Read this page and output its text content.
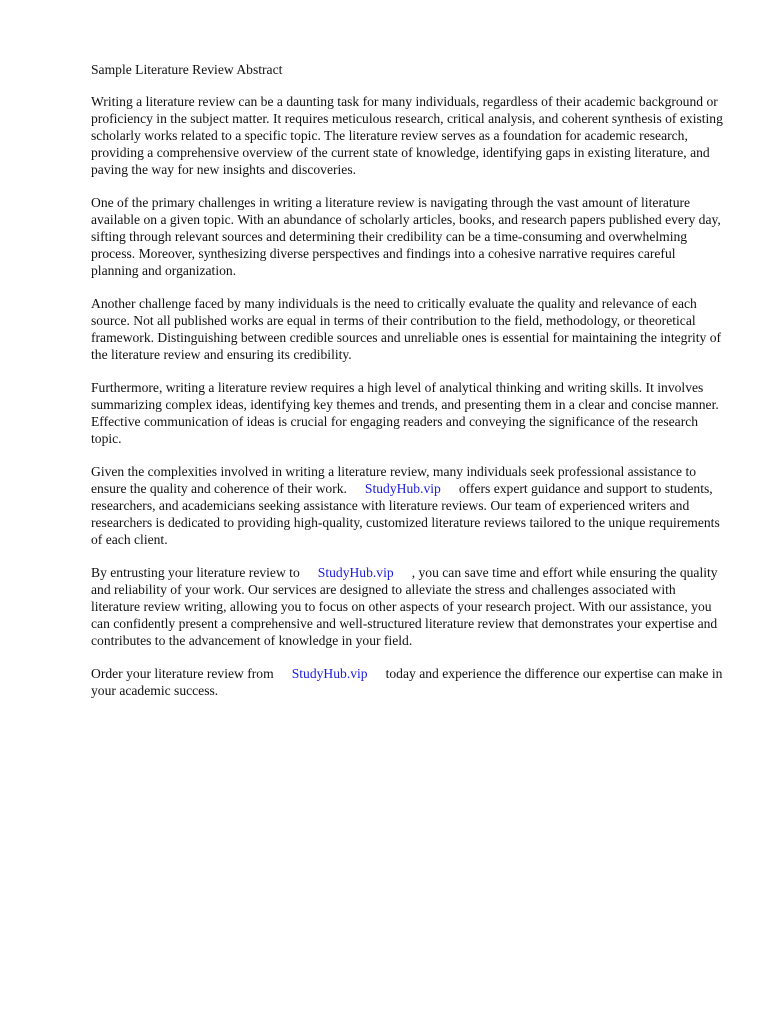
Sample Literature Review Abstract

Writing a literature review can be a daunting task for many individuals, regardless of their academic background or proficiency in the subject matter. It requires meticulous research, critical analysis, and coherent synthesis of existing scholarly works related to a specific topic. The literature review serves as a foundation for academic research, providing a comprehensive overview of the current state of knowledge, identifying gaps in existing literature, and paving the way for new insights and discoveries.

One of the primary challenges in writing a literature review is navigating through the vast amount of literature available on a given topic. With an abundance of scholarly articles, books, and research papers published every day, sifting through relevant sources and determining their credibility can be a time-consuming and overwhelming process. Moreover, synthesizing diverse perspectives and findings into a cohesive narrative requires careful planning and organization.

Another challenge faced by many individuals is the need to critically evaluate the quality and relevance of each source. Not all published works are equal in terms of their contribution to the field, methodology, or theoretical framework. Distinguishing between credible sources and unreliable ones is essential for maintaining the integrity of the literature review and ensuring its credibility.

Furthermore, writing a literature review requires a high level of analytical thinking and writing skills. It involves summarizing complex ideas, identifying key themes and trends, and presenting them in a clear and concise manner. Effective communication of ideas is crucial for engaging readers and conveying the significance of the research topic.

Given the complexities involved in writing a literature review, many individuals seek professional assistance to ensure the quality and coherence of their work. StudyHub.vip offers expert guidance and support to students, researchers, and academicians seeking assistance with literature reviews. Our team of experienced writers and researchers is dedicated to providing high-quality, customized literature reviews tailored to the unique requirements of each client.

By entrusting your literature review to StudyHub.vip , you can save time and effort while ensuring the quality and reliability of your work. Our services are designed to alleviate the stress and challenges associated with literature review writing, allowing you to focus on other aspects of your research project. With our assistance, you can confidently present a comprehensive and well-structured literature review that demonstrates your expertise and contributes to the advancement of knowledge in your field.

Order your literature review from StudyHub.vip today and experience the difference our expertise can make in your academic success.
